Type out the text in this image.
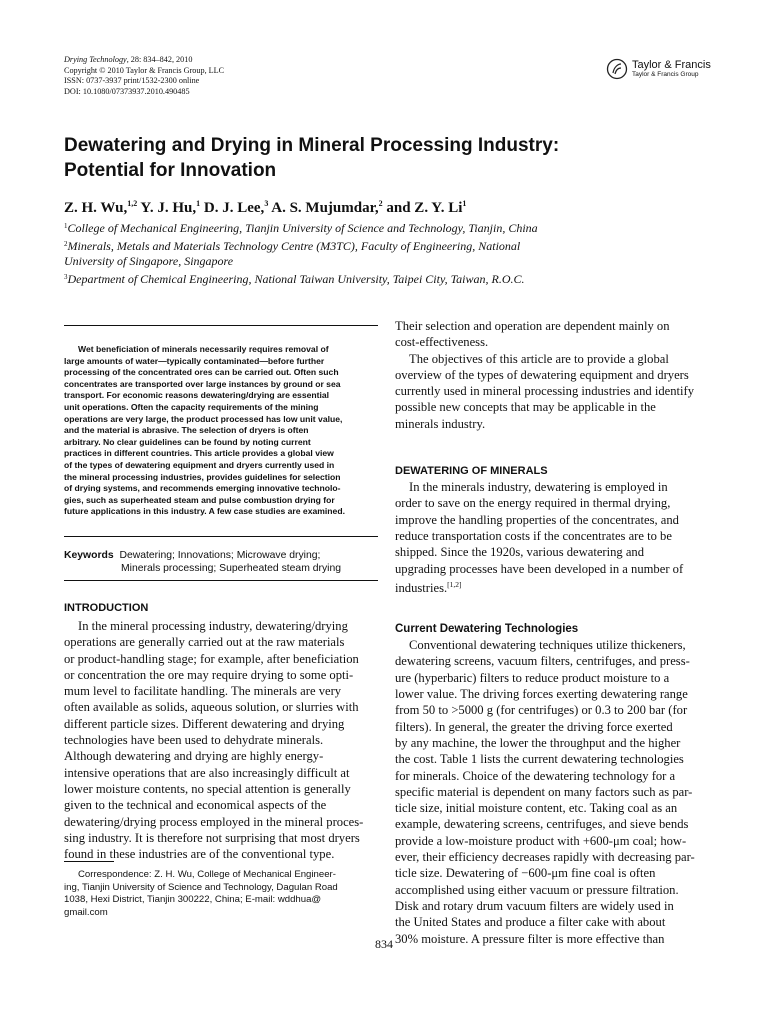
Drying Technology, 28: 834–842, 2010
Copyright © 2010 Taylor & Francis Group, LLC
ISSN: 0737-3937 print/1532-2300 online
DOI: 10.1080/07373937.2010.490485
Taylor & Francis
Taylor & Francis Group
Dewatering and Drying in Mineral Processing Industry:
Potential for Innovation
Z. H. Wu,$^{1,2}$ Y. J. Hu,$^1$ D. J. Lee,$^3$ A. S. Mujumdar,$^2$ and Z. Y. Li$^1$
$^1$College of Mechanical Engineering, Tianjin University of Science and Technology, Tianjin, China
$^2$Minerals, Metals and Materials Technology Centre (M3TC), Faculty of Engineering, National
University of Singapore, Singapore
$^3$Department of Chemical Engineering, National Taiwan University, Taipei City, Taiwan, R.O.C.
Wet beneficiation of minerals necessarily requires removal of
large amounts of water—typically contaminated—before further
processing of the concentrated ores can be carried out. Often such
concentrates are transported over large instances by ground or sea
transport. For economic reasons dewatering/drying are essential
unit operations. Often the capacity requirements of the mining
operations are very large, the product processed has low unit value,
and the material is abrasive. The selection of dryers is often
arbitrary. No clear guidelines can be found by noting current
practices in different countries. This article provides a global view
of the types of dewatering equipment and dryers currently used in
the mineral processing industries, provides guidelines for selection
of drying systems, and recommends emerging innovative technolo-
gies, such as superheated steam and pulse combustion drying for
future applications in this industry. A few case studies are examined.
Keywords Dewatering; Innovations; Microwave drying;
Minerals processing; Superheated steam drying
INTRODUCTION
In the mineral processing industry, dewatering/drying
operations are generally carried out at the raw materials
or product-handling stage; for example, after beneficiation
or concentration the ore may require drying to some opti-
mum level to facilitate handling. The minerals are very
often available as solids, aqueous solution, or slurries with
different particle sizes. Different dewatering and drying
technologies have been used to dehydrate minerals.
Although dewatering and drying are highly energy-
intensive operations that are also increasingly difficult at
lower moisture contents, no special attention is generally
given to the technical and economical aspects of the
dewatering/drying process employed in the mineral proces-
sing industry. It is therefore not surprising that most dryers
found in these industries are of the conventional type.
Correspondence: Z. H. Wu, College of Mechanical Engineer-
ing, Tianjin University of Science and Technology, Dagulan Road
1038, Hexi District, Tianjin 300222, China; E-mail: wddhua@
gmail.com
Their selection and operation are dependent mainly on
cost-effectiveness.
The objectives of this article are to provide a global
overview of the types of dewatering equipment and dryers
currently used in mineral processing industries and identify
possible new concepts that may be applicable in the
minerals industry.
DEWATERING OF MINERALS
In the minerals industry, dewatering is employed in
order to save on the energy required in thermal drying,
improve the handling properties of the concentrates, and
reduce transportation costs if the concentrates are to be
shipped. Since the 1920s, various dewatering and
upgrading processes have been developed in a number of
industries.[1,2]
Current Dewatering Technologies
Conventional dewatering techniques utilize thickeners,
dewatering screens, vacuum filters, centrifuges, and press-
ure (hyperbaric) filters to reduce product moisture to a
lower value. The driving forces exerting dewatering range
from 50 to >5000 g (for centrifuges) or 0.3 to 200 bar (for
filters). In general, the greater the driving force exerted
by any machine, the lower the throughput and the higher
the cost. Table 1 lists the current dewatering technologies
for minerals. Choice of the dewatering technology for a
specific material is dependent on many factors such as par-
ticle size, initial moisture content, etc. Taking coal as an
example, dewatering screens, centrifuges, and sieve bends
provide a low-moisture product with +600-μm coal; how-
ever, their efficiency decreases rapidly with decreasing par-
ticle size. Dewatering of −600-μm fine coal is often
accomplished using either vacuum or pressure filtration.
Disk and rotary drum vacuum filters are widely used in
the United States and produce a filter cake with about
30% moisture. A pressure filter is more effective than
834
